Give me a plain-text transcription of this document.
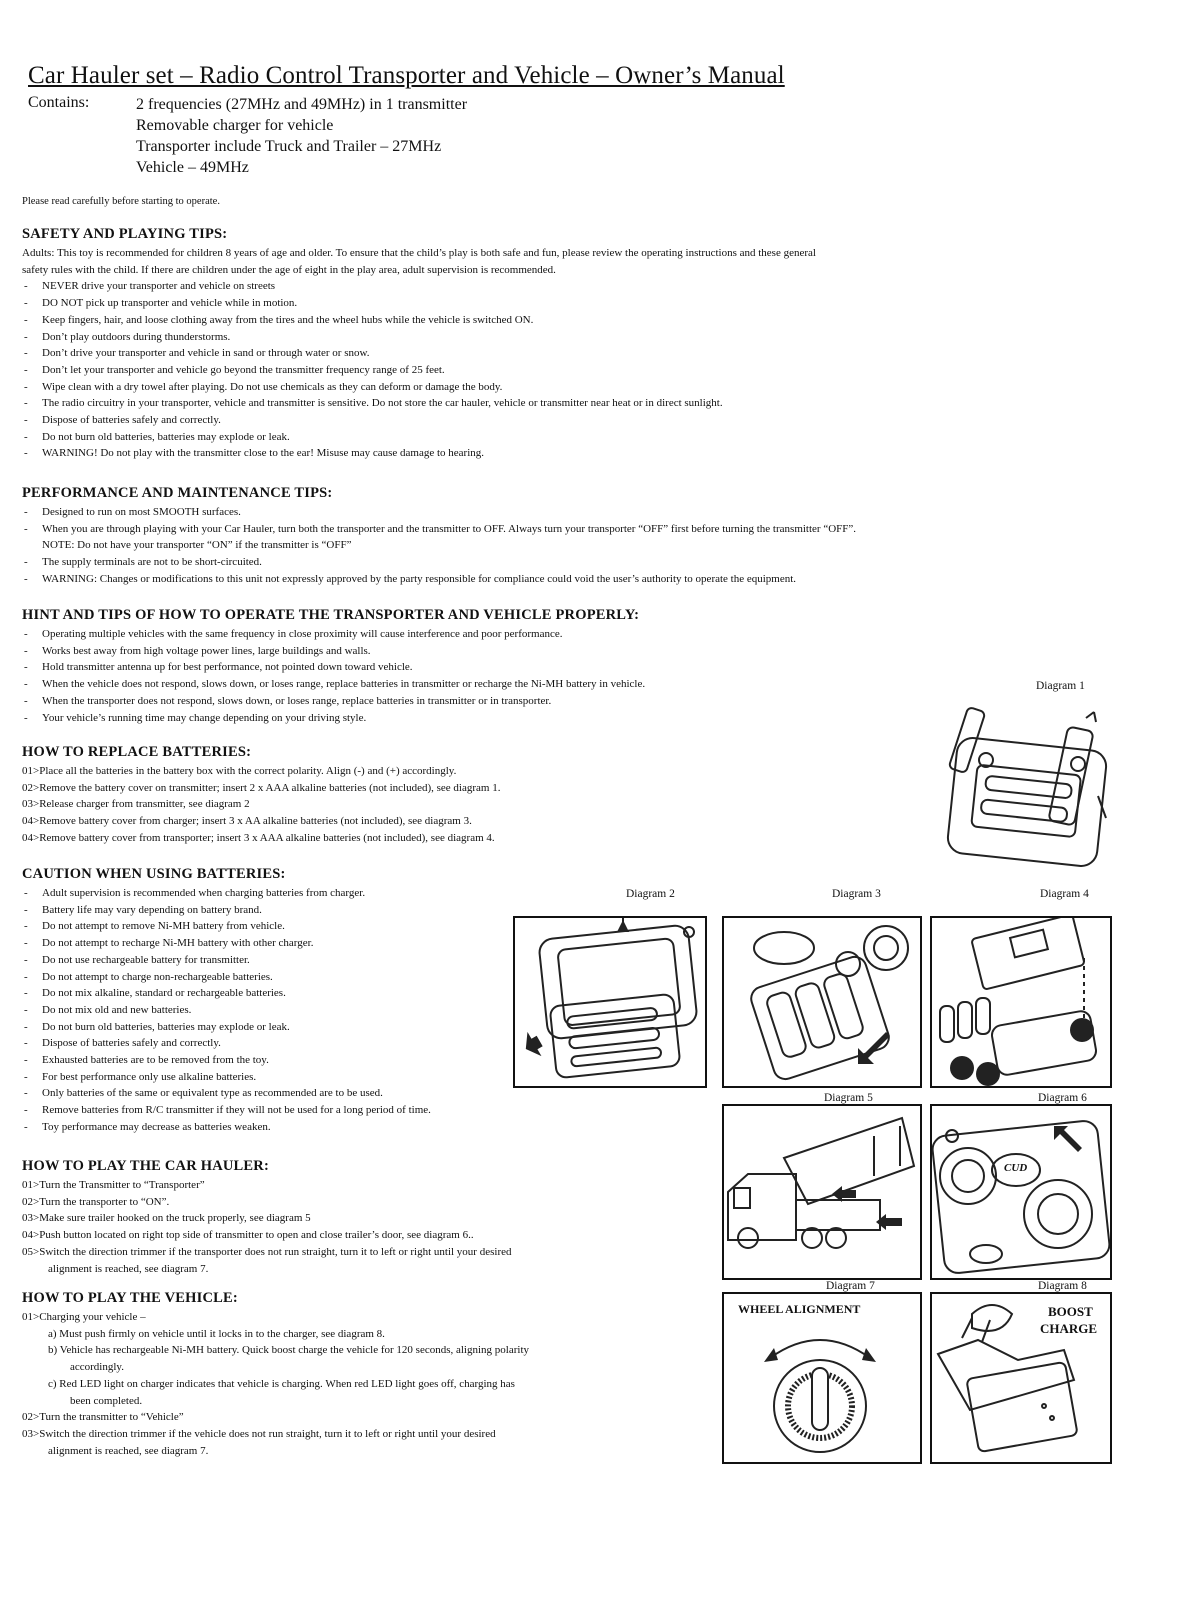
Car Hauler set – Radio Control Transporter and Vehicle – Owner’s Manual
Contains:	2 frequencies (27MHz and 49MHz) in 1 transmitter
Removable charger for vehicle
Transporter include Truck and Trailer – 27MHz
Vehicle – 49MHz
Please read carefully before starting to operate.
SAFETY AND PLAYING TIPS:

Adults: This toy is recommended for children 8 years of age and older. To ensure that the child’s play is both safe and fun, please review the operating instructions and these general

safety rules with the child. If there are children under the age of eight in the play area, adult supervision is recommended.

- NEVER drive your transporter and vehicle on streets
- DO NOT pick up transporter and vehicle while in motion.
- Keep fingers, hair, and loose clothing away from the tires and the wheel hubs while the vehicle is switched ON.
- Don’t play outdoors during thunderstorms.
- Don’t drive your transporter and vehicle in sand or through water or snow.
- Don’t let your transporter and vehicle go beyond the transmitter frequency range of 25 feet.
- Wipe clean with a dry towel after playing. Do not use chemicals as they can deform or damage the body.
- The radio circuitry in your transporter, vehicle and transmitter is sensitive. Do not store the car hauler, vehicle or transmitter near heat or in direct sunlight.
- Dispose of batteries safely and correctly.
- Do not burn old batteries, batteries may explode or leak.
- WARNING! Do not play with the transmitter close to the ear! Misuse may cause damage to hearing.
PERFORMANCE AND MAINTENANCE TIPS:
- Designed to run on most SMOOTH surfaces.
- When you are through playing with your Car Hauler, turn both the transporter and the transmitter to OFF. Always turn your transporter “OFF” first before turning the transmitter “OFF”.

NOTE: Do not have your transporter “ON” if the transmitter is “OFF”

- The supply terminals are not to be short-circuited.
- WARNING: Changes or modifications to this unit not expressly approved by the party responsible for compliance could void the user’s authority to operate the equipment.
HINT AND TIPS OF HOW TO OPERATE THE TRANSPORTER AND VEHICLE PROPERLY:
- Operating multiple vehicles with the same frequency in close proximity will cause interference and poor performance.
- Works best away from high voltage power lines, large buildings and walls.
- Hold transmitter antenna up for best performance, not pointed down toward vehicle.
- When the vehicle does not respond, slows down, or loses range, replace batteries in transmitter or recharge the Ni-MH battery in vehicle.
- When the transporter does not respond, slows down, or loses range, replace batteries in transmitter or in transporter.
- Your vehicle’s running time may change depending on your driving style.
HOW TO REPLACE BATTERIES:

01>Place all the batteries in the battery box with the correct polarity. Align (-) and (+) accordingly.

02>Remove the battery cover on transmitter; insert 2 x AAA alkaline batteries (not included), see diagram 1.

03>Release charger from transmitter, see diagram 2

04>Remove battery cover from charger; insert 3 x AA alkaline batteries (not included), see diagram 3.

04>Remove battery cover from transporter; insert 3 x AAA alkaline batteries (not included), see diagram 4.

CAUTION WHEN USING BATTERIES:
- Adult supervision is recommended when charging batteries from charger.
- Battery life may vary depending on battery brand.
- Do not attempt to remove Ni-MH battery from vehicle.
- Do not attempt to recharge Ni-MH battery with other charger.
- Do not use rechargeable battery for transmitter.
- Do not attempt to charge non-rechargeable batteries.
- Do not mix alkaline, standard or rechargeable batteries.
- Do not mix old and new batteries.
- Do not burn old batteries, batteries may explode or leak.
- Dispose of batteries safely and correctly.
- Exhausted batteries are to be removed from the toy.
- For best performance only use alkaline batteries.
- Only batteries of the same or equivalent type as recommended are to be used.
- Remove batteries from R/C transmitter if they will not be used for a long period of time.
- Toy performance may decrease as batteries weaken.
HOW TO PLAY THE CAR HAULER:

01>Turn the Transmitter to “Transporter”

02>Turn the transporter to “ON”.

03>Make sure trailer hooked on the truck properly, see diagram 5

04>Push button located on right top side of transmitter to open and close trailer’s door, see diagram 6..

05>Switch the direction trimmer if the transporter does not run straight, turn it to left or right until your desired

alignment is reached, see diagram 7.

HOW TO PLAY THE VEHICLE:

01>Charging your vehicle –

a) Must push firmly on vehicle until it locks in to the charger, see diagram 8.

b) Vehicle has rechargeable Ni-MH battery. Quick boost charge the vehicle for 120 seconds, aligning polarity

accordingly.

c) Red LED light on charger indicates that vehicle is charging. When red LED light goes off, charging has

been completed.

02>Turn the transmitter to “Vehicle”

03>Switch the direction trimmer if the vehicle does not run straight, turn it to left or right until your desired

alignment is reached, see diagram 7.

Diagram 1
Diagram 2	Diagram 3	Diagram 4
Diagram 5	Diagram 6
Diagram 7	Diagram 8
CUD
WHEEL ALIGNMENT	BOOST
CHARGE
